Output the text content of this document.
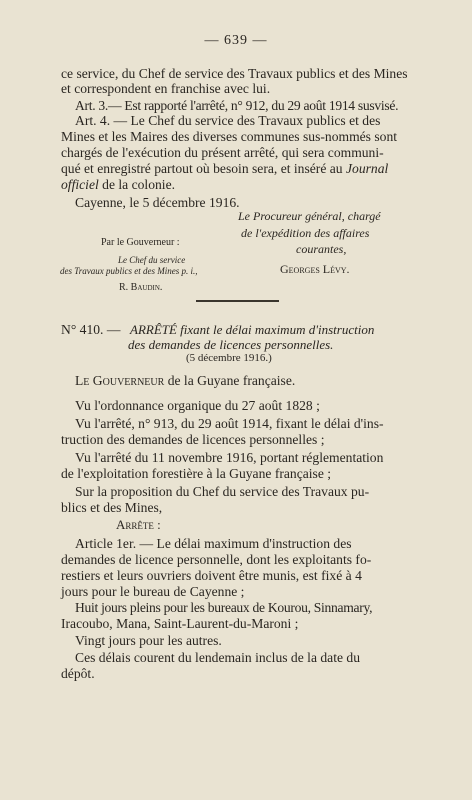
— 639 —
ce service, du Chef de service des Travaux publics et des Mines
et correspondent en franchise avec lui.
Art. 3.— Est rapporté l'arrêté, n° 912, du 29 août 1914 susvisé.
Art. 4. — Le Chef du service des Travaux publics et des
Mines et les Maires des diverses communes sus-nommés sont
chargés de l'exécution du présent arrêté, qui sera communi-
qué et enregistré partout où besoin sera, et inséré au Journal
officiel de la colonie.
Cayenne, le 5 décembre 1916.
Le Procureur général, chargé
de l'expédition des affaires
courantes,
Georges Lévy.
Par le Gouverneur :
Le Chef du service
des Travaux publics et des Mines p. i.,
R. Baudin.
N° 410. — ARRÊTÉ fixant le délai maximum d'instruction
des demandes de licences personnelles.
(5 décembre 1916.)
Le Gouverneur de la Guyane française.
Vu l'ordonnance organique du 27 août 1828 ;
Vu l'arrêté, n° 913, du 29 août 1914, fixant le délai d'ins-
truction des demandes de licences personnelles ;
Vu l'arrêté du 11 novembre 1916, portant réglementation
de l'exploitation forestière à la Guyane française ;
Sur la proposition du Chef du service des Travaux pu-
blics et des Mines,
Arrête :
Article 1er. — Le délai maximum d'instruction des
demandes de licence personnelle, dont les exploitants fo-
restiers et leurs ouvriers doivent être munis, est fixé à 4
jours pour le bureau de Cayenne ;
Huit jours pleins pour les bureaux de Kourou, Sinnamary,
Iracoubo, Mana, Saint-Laurent-du-Maroni ;
Vingt jours pour les autres.
Ces délais courent du lendemain inclus de la date du
dépôt.
